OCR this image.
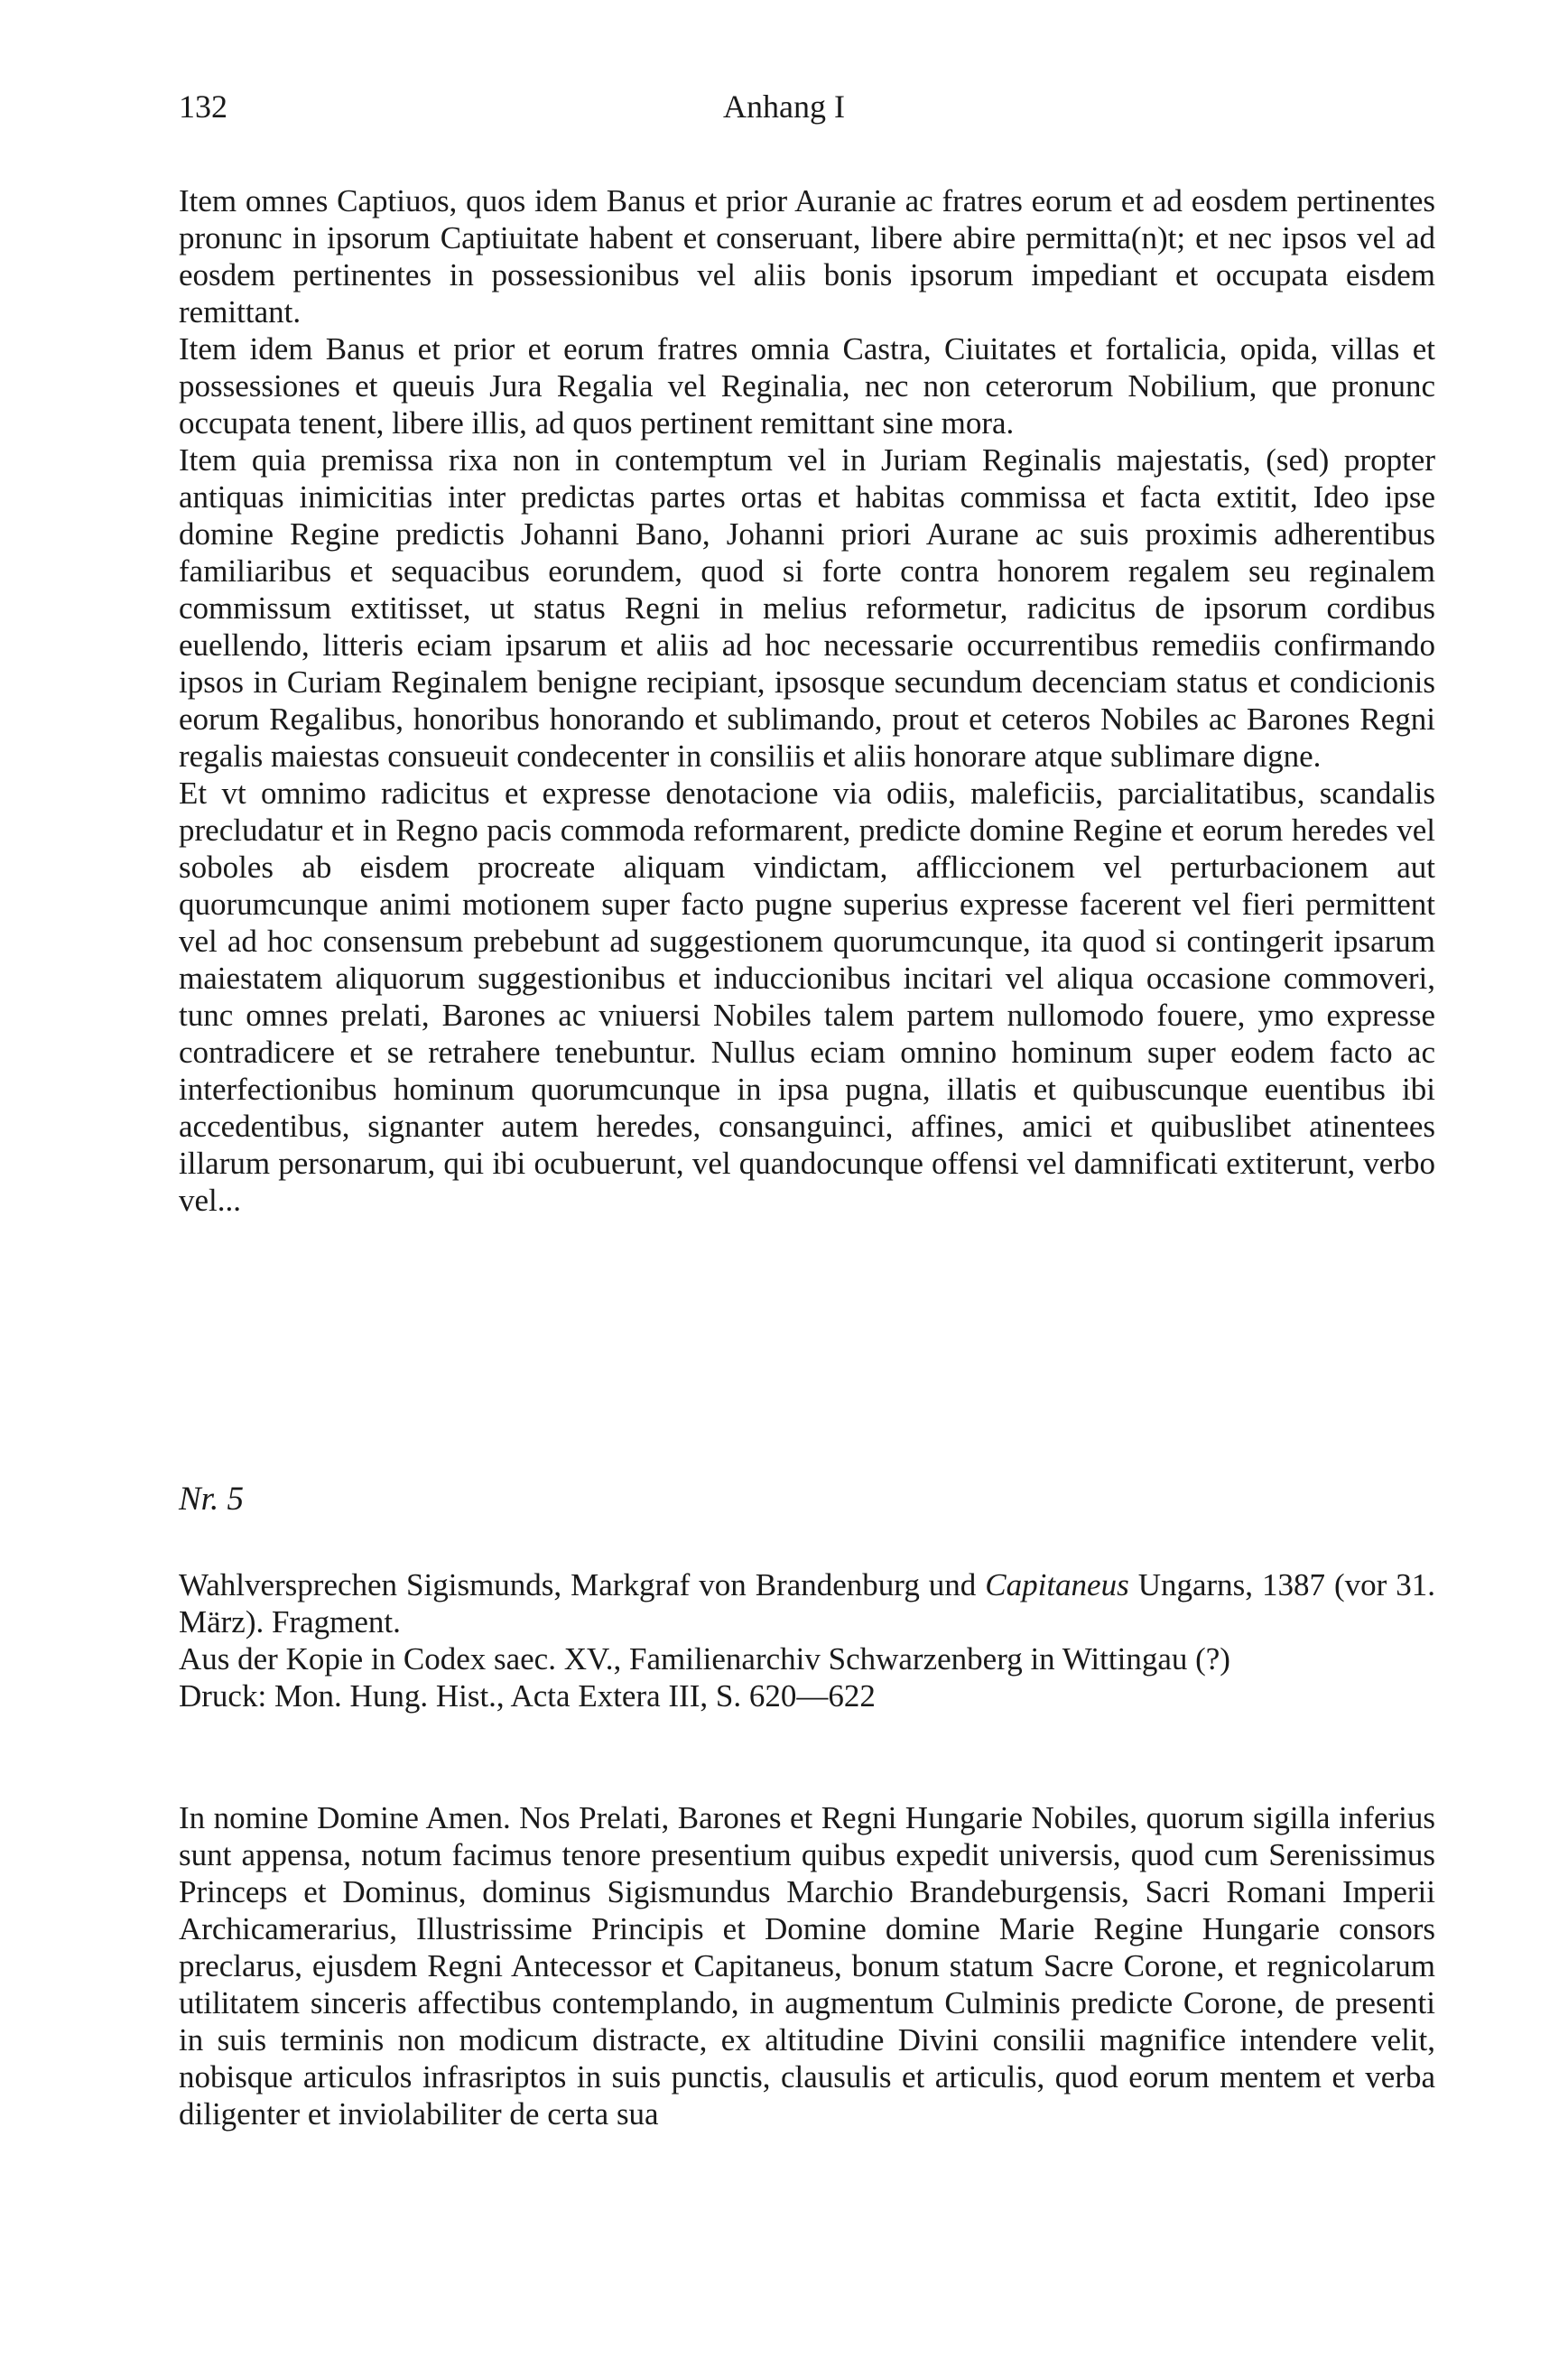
132	Anhang I

Item omnes Captiuos, quos idem Banus et prior Auranie ac fratres eorum et ad eosdem pertinentes pronunc in ipsorum Captiuitate habent et conseruant, libere abire permitta(n)t; et nec ipsos vel ad eosdem pertinentes in possessionibus vel aliis bonis ipsorum impediant et occupata eisdem remittant.

Item idem Banus et prior et eorum fratres omnia Castra, Ciuitates et fortalicia, opida, villas et possessiones et queuis Jura Regalia vel Reginalia, nec non ceterorum Nobilium, que pronunc occupata tenent, libere illis, ad quos pertinent remittant sine mora.

Item quia premissa rixa non in contemptum vel in Juriam Reginalis majestatis, (sed) propter antiquas inimicitias inter predictas partes ortas et habitas commissa et facta extitit, Ideo ipse domine Regine predictis Johanni Bano, Johanni priori Aurane ac suis proximis adherentibus familiaribus et sequacibus eorundem, quod si forte contra honorem regalem seu reginalem commissum extitisset, ut status Regni in melius reformetur, radicitus de ipsorum cordibus euellendo, litteris eciam ipsarum et aliis ad hoc necessarie occurrentibus remediis confirmando ipsos in Curiam Reginalem benigne recipiant, ipsosque secundum decenciam status et condicionis eorum Regalibus, honoribus honorando et sublimando, prout et ceteros Nobiles ac Barones Regni regalis maiestas consueuit condecenter in consiliis et aliis honorare atque sublimare digne.

Et vt omnimo radicitus et expresse denotacione via odiis, maleficiis, parcialitatibus, scandalis precludatur et in Regno pacis commoda reformarent, predicte domine Regine et eorum heredes vel soboles ab eisdem procreate aliquam vindictam, affliccionem vel perturbacionem aut quorumcunque animi motionem super facto pugne superius expresse facerent vel fieri permittent vel ad hoc consensum prebebunt ad suggestionem quorumcunque, ita quod si contingerit ipsarum maiestatem aliquorum suggestionibus et induccionibus incitari vel aliqua occasione commoveri, tunc omnes prelati, Barones ac vniuersi Nobiles talem partem nullomodo fouere, ymo expresse contradicere et se retrahere tenebuntur. Nullus eciam omnino hominum super eodem facto ac interfectionibus hominum quorumcunque in ipsa pugna, illatis et quibuscunque euentibus ibi accedentibus, signanter autem heredes, consanguinci, affines, amici et quibuslibet atinentees illarum personarum, qui ibi ocubuerunt, vel quandocunque offensi vel damnificati extiterunt, verbo vel...

Nr. 5

Wahlversprechen Sigismunds, Markgraf von Brandenburg und Capitaneus Ungarns, 1387 (vor 31. März). Fragment.

Aus der Kopie in Codex saec. XV., Familienarchiv Schwarzenberg in Wittingau (?)

Druck: Mon. Hung. Hist., Acta Extera III, S. 620—622

In nomine Domine Amen. Nos Prelati, Barones et Regni Hungarie Nobiles, quorum sigilla inferius sunt appensa, notum facimus tenore presentium quibus expedit universis, quod cum Serenissimus Princeps et Dominus, dominus Sigismundus Marchio Brandeburgensis, Sacri Romani Imperii Archicamerarius, Illustrissime Principis et Domine domine Marie Regine Hungarie consors preclarus, ejusdem Regni Antecessor et Capitaneus, bonum statum Sacre Corone, et regnicolarum utilitatem sinceris affectibus contemplando, in augmentum Culminis predicte Corone, de presenti in suis terminis non modicum distracte, ex altitudine Divini consilii magnifice intendere velit, nobisque articulos infrasriptos in suis punctis, clausulis et articulis, quod eorum mentem et verba diligenter et inviolabiliter de certa sua
